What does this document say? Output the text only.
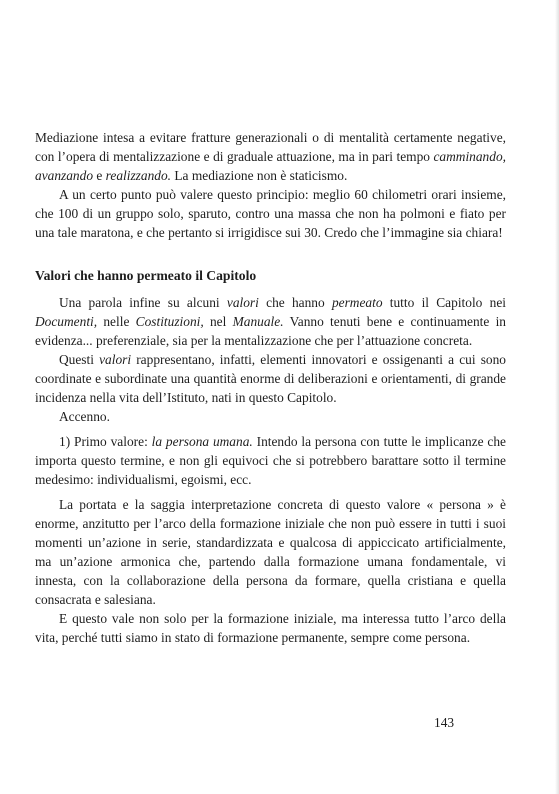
Mediazione intesa a evitare fratture generazionali o di mentalità certamente negative, con l’opera di mentalizzazione e di graduale attuazione, ma in pari tempo camminando, avanzando e realizzando. La mediazione non è staticismo.

A un certo punto può valere questo principio: meglio 60 chilometri orari insieme, che 100 di un gruppo solo, sparuto, contro una massa che non ha polmoni e fiato per una tale maratona, e che pertanto si irrigidisce sui 30. Credo che l’immagine sia chiara!

Valori che hanno permeato il Capitolo

Una parola infine su alcuni valori che hanno permeato tutto il Capitolo nei Documenti, nelle Costituzioni, nel Manuale. Vanno tenuti bene e continuamente in evidenza... preferenziale, sia per la mentalizzazione che per l’attuazione concreta.

Questi valori rappresentano, infatti, elementi innovatori e ossigenanti a cui sono coordinate e subordinate una quantità enorme di deliberazioni e orientamenti, di grande incidenza nella vita dell’Istituto, nati in questo Capitolo.

Accenno.

1) Primo valore: la persona umana. Intendo la persona con tutte le implicanze che importa questo termine, e non gli equivoci che si potrebbero barattare sotto il termine medesimo: individualismi, egoismi, ecc.

La portata e la saggia interpretazione concreta di questo valore « persona » è enorme, anzitutto per l’arco della formazione iniziale che non può essere in tutti i suoi momenti un’azione in serie, standardizzata e qualcosa di appiccicato artificialmente, ma un’azione armonica che, partendo dalla formazione umana fondamentale, vi innesta, con la collaborazione della persona da formare, quella cristiana e quella consacrata e salesiana.

E questo vale non solo per la formazione iniziale, ma interessa tutto l’arco della vita, perché tutti siamo in stato di formazione permanente, sempre come persona.

143
